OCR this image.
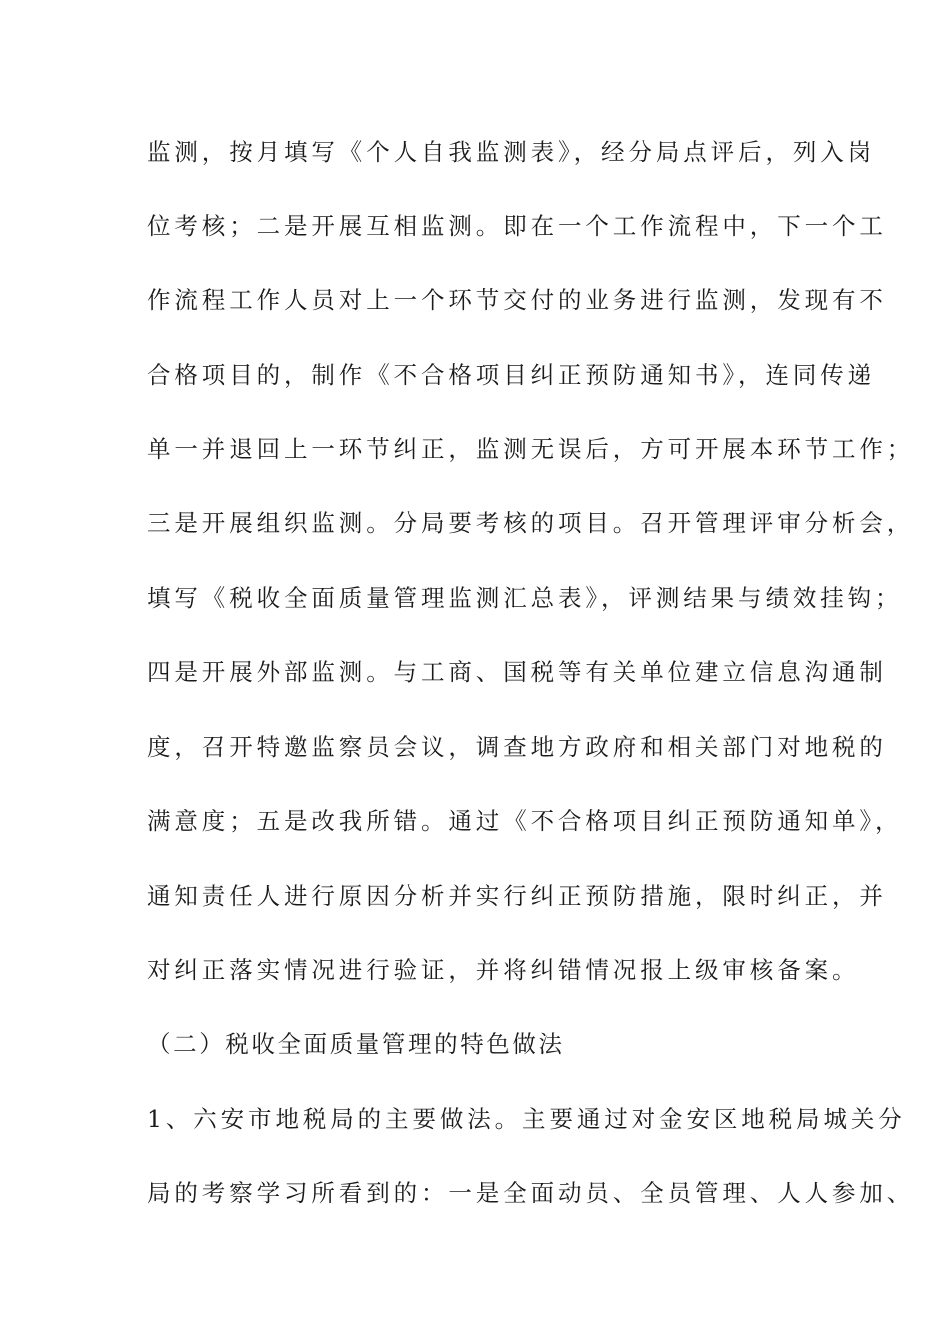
监测，按月填写《个人自我监测表》，经分局点评后，列入岗
位考核；二是开展互相监测。即在一个工作流程中，下一个工
作流程工作人员对上一个环节交付的业务进行监测，发现有不
合格项目的，制作《不合格项目纠正预防通知书》，连同传递
单一并退回上一环节纠正，监测无误后，方可开展本环节工作；
三是开展组织监测。分局要考核的项目。召开管理评审分析会，
填写《税收全面质量管理监测汇总表》，评测结果与绩效挂钩；
四是开展外部监测。与工商、国税等有关单位建立信息沟通制
度，召开特邀监察员会议，调查地方政府和相关部门对地税的
满意度；五是改我所错。通过《不合格项目纠正预防通知单》，
通知责任人进行原因分析并实行纠正预防措施，限时纠正，并
对纠正落实情况进行验证，并将纠错情况报上级审核备案。
（二）税收全面质量管理的特色做法
1、六安市地税局的主要做法。主要通过对金安区地税局城关分
局的考察学习所看到的：一是全面动员、全员管理、人人参加、
